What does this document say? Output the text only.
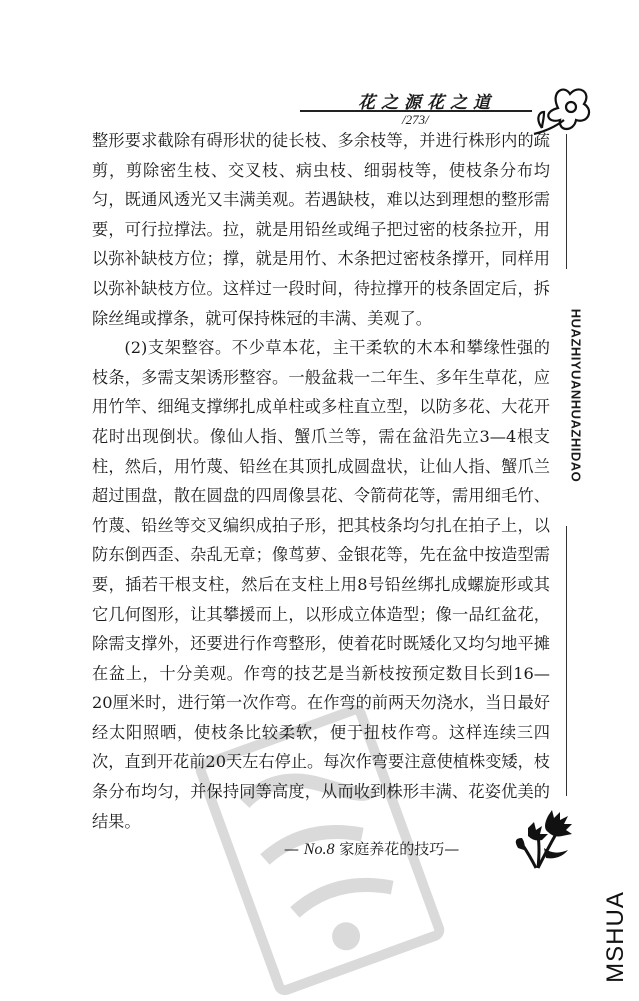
花之源花之道
/273/

整形要求截除有碍形状的徒长枝、多余枝等，并进行株形内的疏剪，剪除密生枝、交叉枝、病虫枝、细弱枝等，使枝条分布均匀，既通风透光又丰满美观。若遇缺枝，难以达到理想的整形需要，可行拉撑法。拉，就是用铅丝或绳子把过密的枝条拉开，用以弥补缺枝方位；撑，就是用竹、木条把过密枝条撑开，同样用以弥补缺枝方位。这样过一段时间，待拉撑开的枝条固定后，拆除丝绳或撑条，就可保持株冠的丰满、美观了。

(2)支架整容。不少草本花，主干柔软的木本和攀缘性强的枝条，多需支架诱形整容。一般盆栽一二年生、多年生草花，应用竹竿、细绳支撑绑扎成单柱或多柱直立型，以防多花、大花开花时出现倒状。像仙人指、蟹爪兰等，需在盆沿先立3—4根支柱，然后，用竹蔑、铅丝在其顶扎成圆盘状，让仙人指、蟹爪兰超过围盘，散在圆盘的四周像昙花、令箭荷花等，需用细毛竹、竹蔑、铅丝等交叉编织成拍子形，把其枝条均匀扎在拍子上，以防东倒西歪、杂乱无章；像茑萝、金银花等，先在盆中按造型需要，插若干根支柱，然后在支柱上用8号铅丝绑扎成螺旋形或其它几何图形，让其攀援而上，以形成立体造型；像一品红盆花，除需支撑外，还要进行作弯整形，使着花时既矮化又均匀地平摊在盆上，十分美观。作弯的技艺是当新枝按预定数目长到16—20厘米时，进行第一次作弯。在作弯的前两天勿浇水，当日最好经太阳照晒，使枝条比较柔软，便于扭枝作弯。这样连续三四次，直到开花前20天左右停止。每次作弯要注意使植株变矮，枝条分布均匀，并保持同等高度，从而收到株形丰满、花姿优美的结果。

HUAZHIYUANHUAZHIDAO
— No.8 家庭养花的技巧—
MSHUA
